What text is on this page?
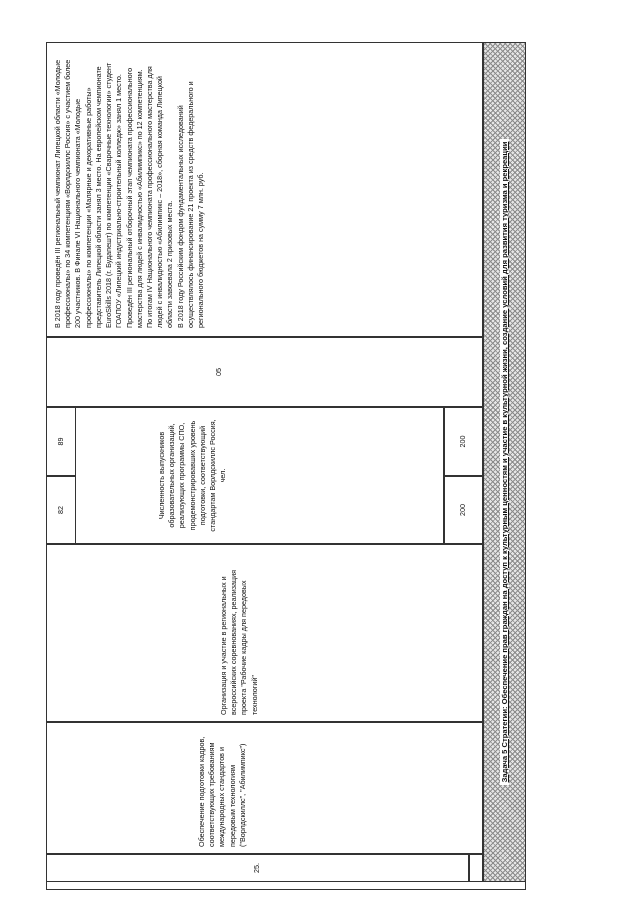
25.
Обеспечение подготовки кадров, соответствующих требованиям международных стандартов и передовым технологиям ("Ворлдскиллс", "Абилимпикс")
Организация и участие в региональных и всероссийских соревнованиях, реализация проекта "Рабочие кадры для передовых технологий"
Численность выпускников образовательных организаций, реализующих программы СПО, продемонстрировавших уровень подготовки, соответствующий стандартам Ворлдскиллс Россия, чел.
200
200
82
89
05

В 2018 году проведён III региональный чемпионат Липецкой области «Молодые профессионалы» по 34 компетенциям «Ворлдскиллс Россия» с участием более 200 участников. В Финале VI Национального чемпионата «Молодые профессионалы» по компетенции «Малярные и декоративные работы» представитель Липецкой области занял 3 место. На европейском чемпионате EuroSkills 2018 (г. Будапешт) по компетенции «Сварочные технологии» студент ГОАПОУ «Липецкий индустриально-строительный колледж» занял 1 место. Проведён III региональный отборочный этап чемпионата профессионального мастерства для людей с инвалидностью «Абилимпикс» по 12 компетенциям. По итогам IV Национального чемпионата профессионального мастерства для людей с инвалидностью «Абилимпикс – 2018», сборная команда Липецкой области завоевала 2 призовых места. В 2018 году Российским фондом фундаментальных исследований осуществлялось финансирование 21 проекта из средств федерального и регионального бюджетов на сумму 7 млн. руб.	Задача 5 Стратегии: Обеспечение прав граждан на доступ к культурным ценностям и участие в культурной жизни, создание условий для развития туризма и рекреации
